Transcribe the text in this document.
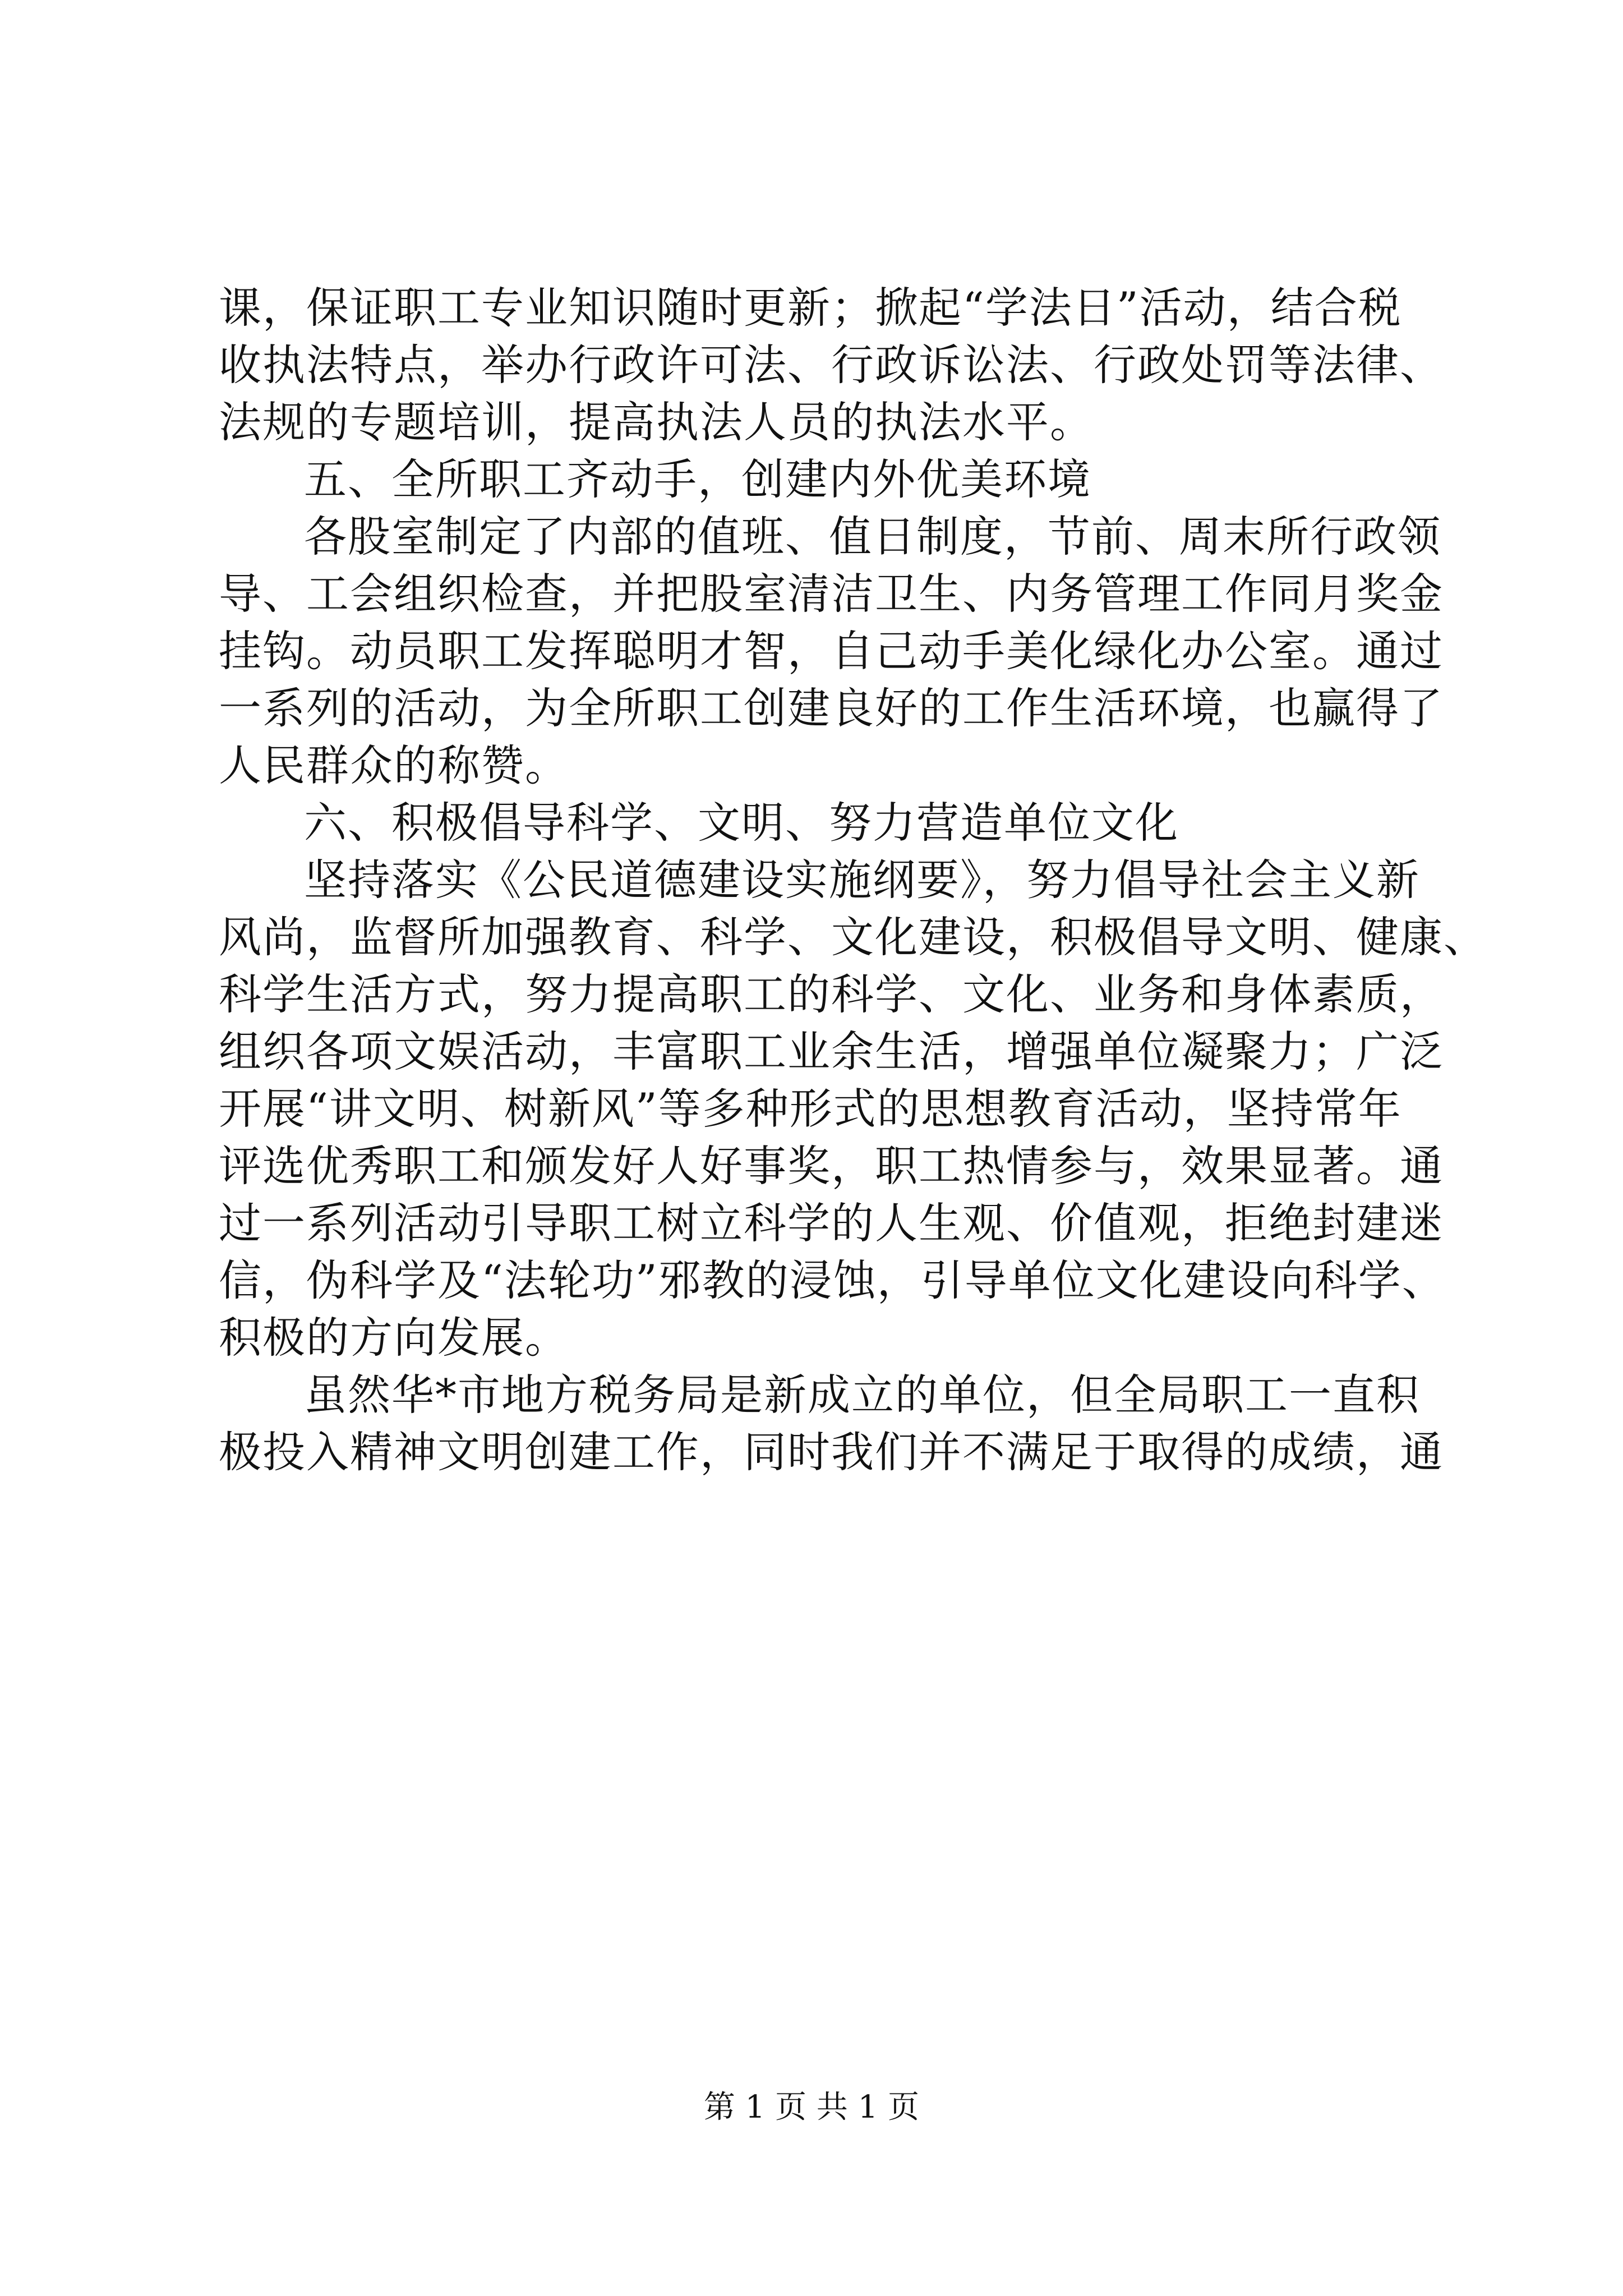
课，保证职工专业知识随时更新；掀起“学法日”活动，结合税
收执法特点，举办行政许可法、行政诉讼法、行政处罚等法律、
法规的专题培训，提高执法人员的执法水平。
五、全所职工齐动手，创建内外优美环境
各股室制定了内部的值班、值日制度，节前、周末所行政领
导、工会组织检查，并把股室清洁卫生、内务管理工作同月奖金
挂钩。动员职工发挥聪明才智，自己动手美化绿化办公室。通过
一系列的活动，为全所职工创建良好的工作生活环境，也赢得了
人民群众的称赞。
六、积极倡导科学、文明、努力营造单位文化
坚持落实《公民道德建设实施纲要》，努力倡导社会主义新
风尚，监督所加强教育、科学、文化建设，积极倡导文明、健康、
科学生活方式，努力提高职工的科学、文化、业务和身体素质，
组织各项文娱活动，丰富职工业余生活，增强单位凝聚力；广泛
开展“讲文明、树新风”等多种形式的思想教育活动，坚持常年
评选优秀职工和颁发好人好事奖，职工热情参与，效果显著。通
过一系列活动引导职工树立科学的人生观、价值观，拒绝封建迷
信，伪科学及“法轮功”邪教的浸蚀，引导单位文化建设向科学、
积极的方向发展。
虽然华*市地方税务局是新成立的单位，但全局职工一直积
极投入精神文明创建工作，同时我们并不满足于取得的成绩，通
第 1 页 共 1 页
